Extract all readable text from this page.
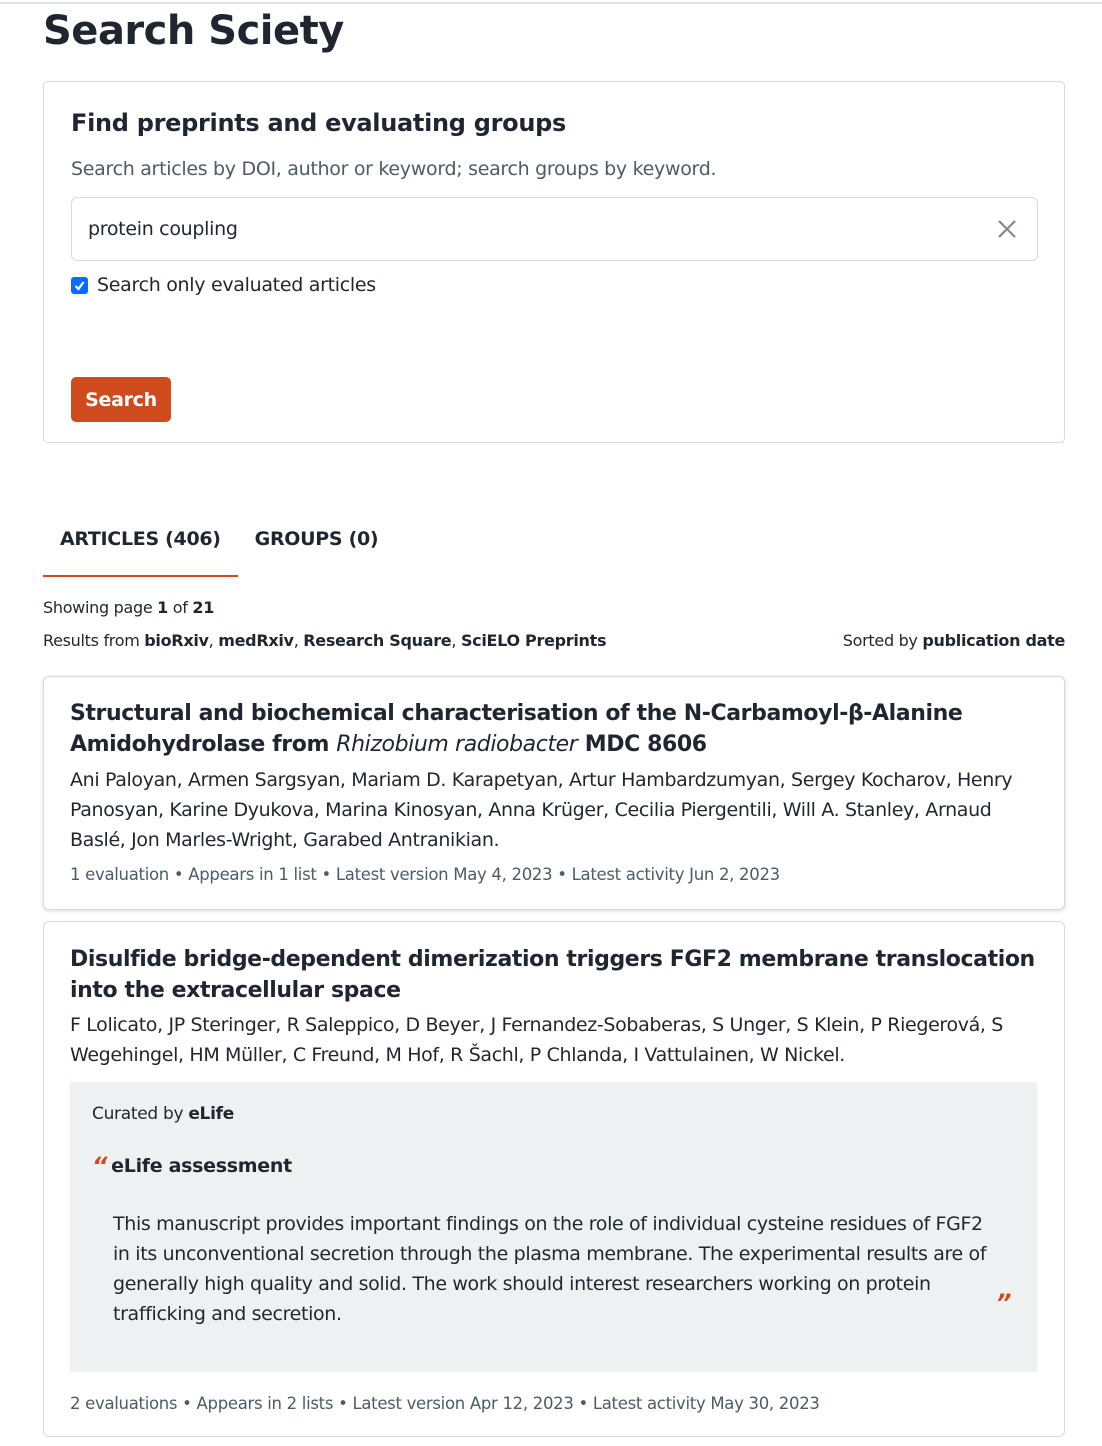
Search Sciety
Find preprints and evaluating groups

Search articles by DOI, author or keyword; search groups by keyword.

protein coupling
Search only evaluated articles
Search
ARTICLES (406)	GROUPS (0)
Showing page 1 of 21
Results from bioRxiv, medRxiv, Research Square, SciELO Preprints	Sorted by publication date
Structural and biochemical characterisation of the N-Carbamoyl-β-Alanine Amidohydrolase from Rhizobium radiobacter MDC 8606

Ani Paloyan, Armen Sargsyan, Mariam D. Karapetyan, Artur Hambardzumyan, Sergey Kocharov, Henry Panosyan, Karine Dyukova, Marina Kinosyan, Anna Krüger, Cecilia Piergentili, Will A. Stanley, Arnaud Baslé, Jon Marles-Wright, Garabed Antranikian.

1 evaluation • Appears in 1 list • Latest version May 4, 2023 • Latest activity Jun 2, 2023

Disulfide bridge-dependent dimerization triggers FGF2 membrane translocation into the extracellular space

F Lolicato, JP Steringer, R Saleppico, D Beyer, J Fernandez-Sobaberas, S Unger, S Klein, P Riegerová, S Wegehingel, HM Müller, C Freund, M Hof, R Šachl, P Chlanda, I Vattulainen, W Nickel.

Curated by eLife
“ eLife assessment

This manuscript provides important findings on the role of individual cysteine residues of FGF2 in its unconventional secretion through the plasma membrane. The experimental results are of generally high quality and solid. The work should interest researchers working on protein trafficking and secretion.	”

2 evaluations • Appears in 2 lists • Latest version Apr 12, 2023 • Latest activity May 30, 2023
